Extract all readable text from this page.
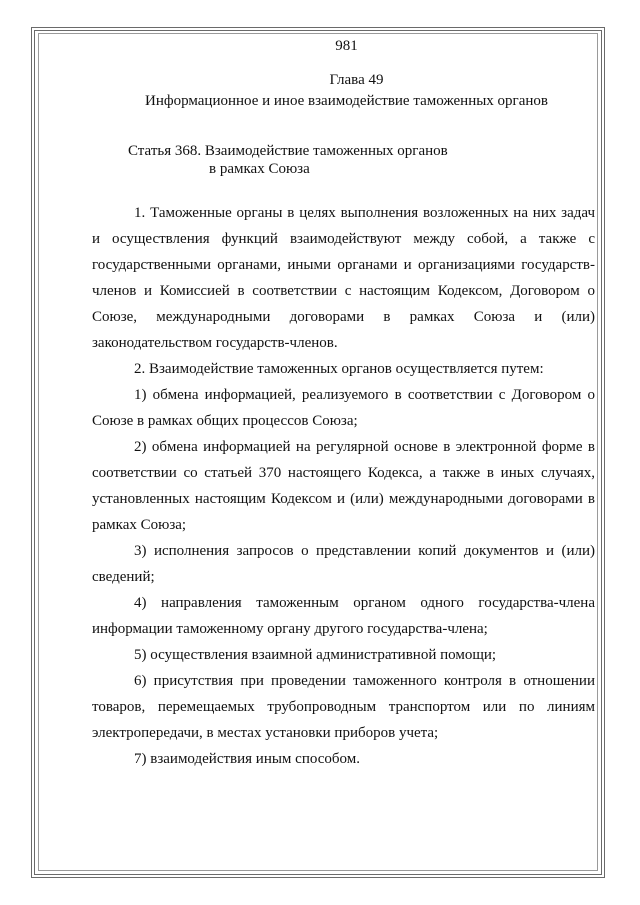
981

Глава 49

Информационное и иное взаимодействие таможенных органов

Статья 368. Взаимодействие таможенных органов
в рамках Союза

1. Таможенные органы в целях выполнения возложенных на них задач и осуществления функций взаимодействуют между собой, а также с государственными органами, иными органами и организациями государств-членов и Комиссией в соответствии с настоящим Кодексом, Договором о Союзе, международными договорами в рамках Союза и (или) законодательством государств-членов.

2. Взаимодействие таможенных органов осуществляется путем:

1) обмена информацией, реализуемого в соответствии с Договором о Союзе в рамках общих процессов Союза;

2) обмена информацией на регулярной основе в электронной форме в соответствии со статьей 370 настоящего Кодекса, а также в иных случаях, установленных настоящим Кодексом и (или) международными договорами в рамках Союза;

3) исполнения запросов о представлении копий документов и (или) сведений;

4) направления таможенным органом одного государства-члена информации таможенному органу другого государства-члена;

5) осуществления взаимной административной помощи;

6) присутствия при проведении таможенного контроля в отношении товаров, перемещаемых трубопроводным транспортом или по линиям электропередачи, в местах установки приборов учета;

7) взаимодействия иным способом.
